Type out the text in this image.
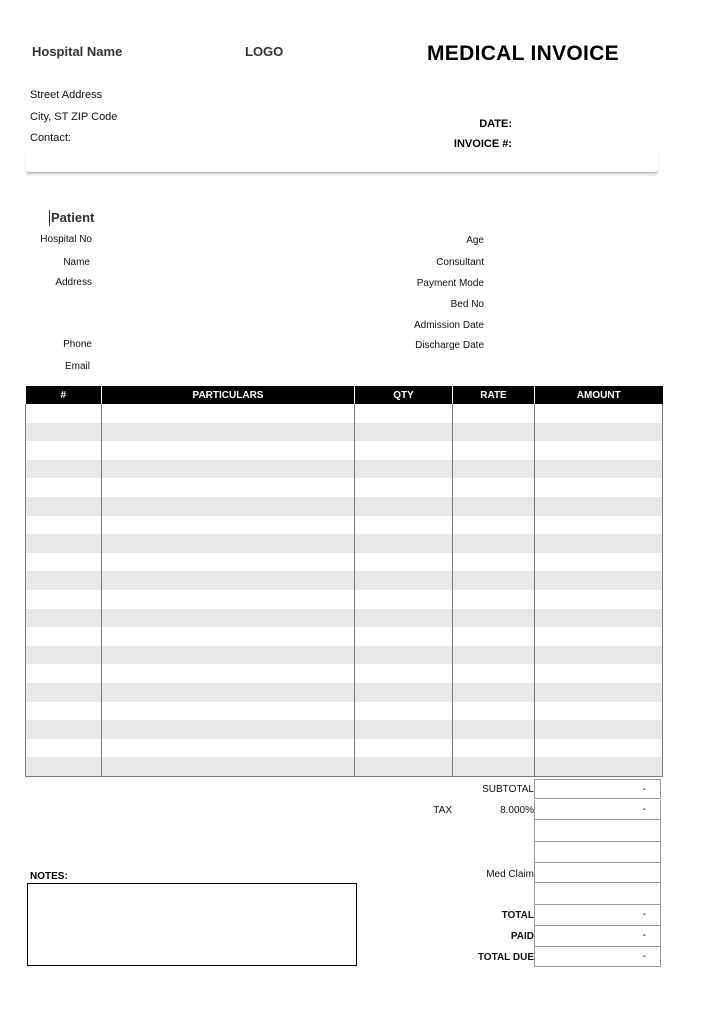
Hospital Name	LOGO	MEDICAL INVOICE
Street Address
City, ST ZIP Code
Contact:
DATE:
INVOICE #:
Patient
Hospital No
Name
Address
Phone
Email
Age
Consultant
Payment Mode
Bed No
Admission Date
Discharge Date
#	PARTICULARS	QTY	RATE	AMOUNT

SUBTOTAL	-
TAX	8.000%	-
Med Claim
TOTAL	-
PAID	-
TOTAL DUE	-
NOTES:
